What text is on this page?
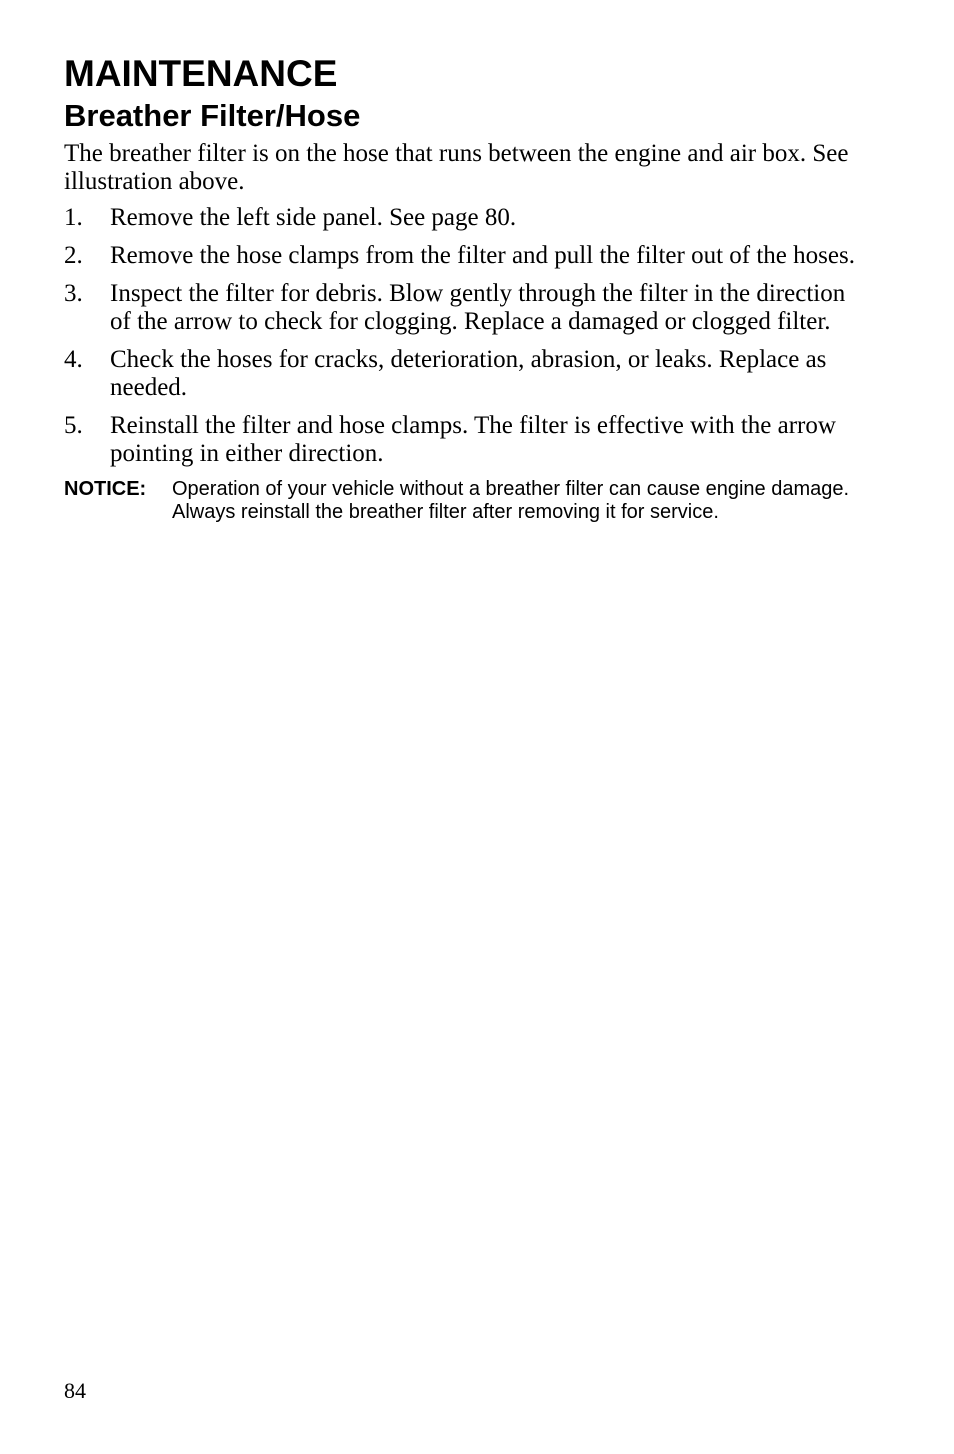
MAINTENANCE
Breather Filter/Hose

The breather filter is on the hose that runs between the engine and air box. See illustration above.

1.	Remove the left side panel. See page 80.
2.	Remove the hose clamps from the filter and pull the filter out of the hoses.
3.	Inspect the filter for debris. Blow gently through the filter in the direction of the arrow to check for clogging. Replace a damaged or clogged filter.
4.	Check the hoses for cracks, deterioration, abrasion, or leaks. Replace as needed.
5.	Reinstall the filter and hose clamps. The filter is effective with the arrow pointing in either direction.
NOTICE:	Operation of your vehicle without a breather filter can cause engine damage. Always reinstall the breather filter after removing it for service.
84
